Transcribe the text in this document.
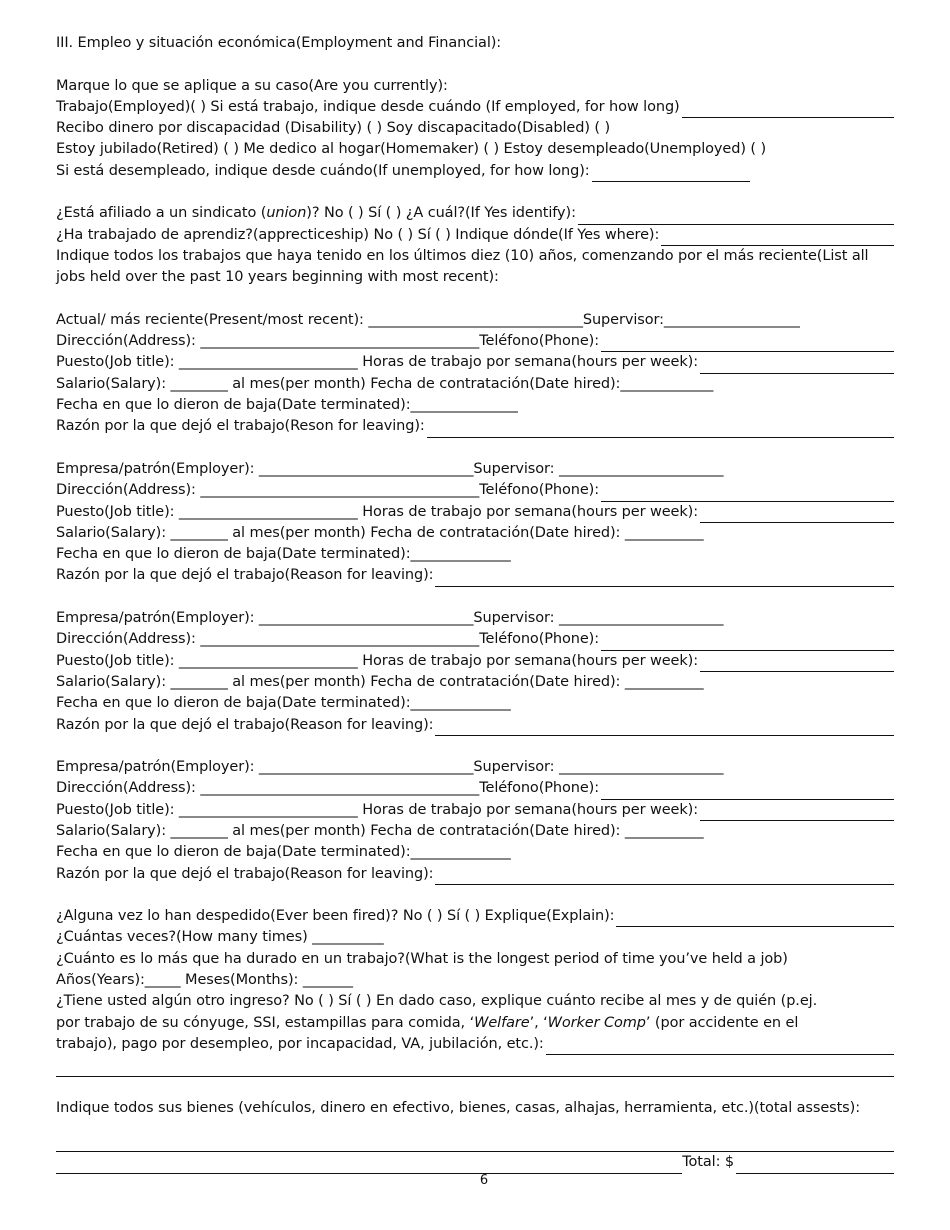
III. Empleo y situación económica(Employment and Financial):
Marque lo que se aplique a su caso(Are you currently):
Trabajo(Employed)( ) Si está trabajo, indique desde cuándo (If employed, for how long)
Recibo dinero por discapacidad (Disability) ( ) Soy discapacitado(Disabled) ( )
Estoy jubilado(Retired) ( ) Me dedico al hogar(Homemaker) ( ) Estoy desempleado(Unemployed) ( )
Si está desempleado, indique desde cuándo(If unemployed, for how long):
¿Está afiliado a un sindicato (union)? No ( ) Sí ( ) ¿A cuál?(If Yes identify):
¿Ha trabajado de aprendiz?(apprecticeship) No ( ) Sí ( ) Indique dónde(If Yes where):
Indique todos los trabajos que haya tenido en los últimos diez (10) años, comenzando por el más reciente(List all jobs held over the past 10 years beginning with most recent):
Actual/ más reciente(Present/most recent): ______________________________ Supervisor:___________________
Dirección(Address): _______________________________________ Teléfono(Phone):
Puesto(Job title): _________________________ Horas de trabajo por semana(hours per week):
Salario(Salary): ________ al mes(per month) Fecha de contratación(Date hired):_____________
Fecha en que lo dieron de baja(Date terminated):_______________
Razón por la que dejó el trabajo(Reson for leaving):
Empresa/patrón(Employer): ______________________________ Supervisor: _______________________
Dirección(Address): _______________________________________ Teléfono(Phone):
Puesto(Job title): _________________________ Horas de trabajo por semana(hours per week):
Salario(Salary): ________ al mes(per month) Fecha de contratación(Date hired): ___________
Fecha en que lo dieron de baja(Date terminated):______________
Razón por la que dejó el trabajo(Reason for leaving):
Empresa/patrón(Employer): ______________________________ Supervisor: _______________________
Dirección(Address): _______________________________________ Teléfono(Phone):
Puesto(Job title): _________________________ Horas de trabajo por semana(hours per week):
Salario(Salary): ________ al mes(per month) Fecha de contratación(Date hired): ___________
Fecha en que lo dieron de baja(Date terminated):______________
Razón por la que dejó el trabajo(Reason for leaving):
Empresa/patrón(Employer): ______________________________ Supervisor: _______________________
Dirección(Address): _______________________________________ Teléfono(Phone):
Puesto(Job title): _________________________ Horas de trabajo por semana(hours per week):
Salario(Salary): ________ al mes(per month) Fecha de contratación(Date hired): ___________
Fecha en que lo dieron de baja(Date terminated):______________
Razón por la que dejó el trabajo(Reason for leaving):
¿Alguna vez lo han despedido(Ever been fired)? No ( ) Sí ( ) Explique(Explain):
¿Cuántas veces?(How many times) __________
¿Cuánto es lo más que ha durado en un trabajo?(What is the longest period of time you’ve held a job)
Años(Years):_____ Meses(Months): _______
¿Tiene usted algún otro ingreso? No ( ) Sí ( ) En dado caso, explique cuánto recibe al mes y de quién (p.ej.
por trabajo de su cónyuge, SSI, estampillas para comida, ‘Welfare’, ‘Worker Comp’ (por accidente en el
trabajo), pago por desempleo, por incapacidad, VA, jubilación, etc.):
Indique todos sus bienes (vehículos, dinero en efectivo, bienes, casas, alhajas, herramienta, etc.)(total assests):
Total: $
6
